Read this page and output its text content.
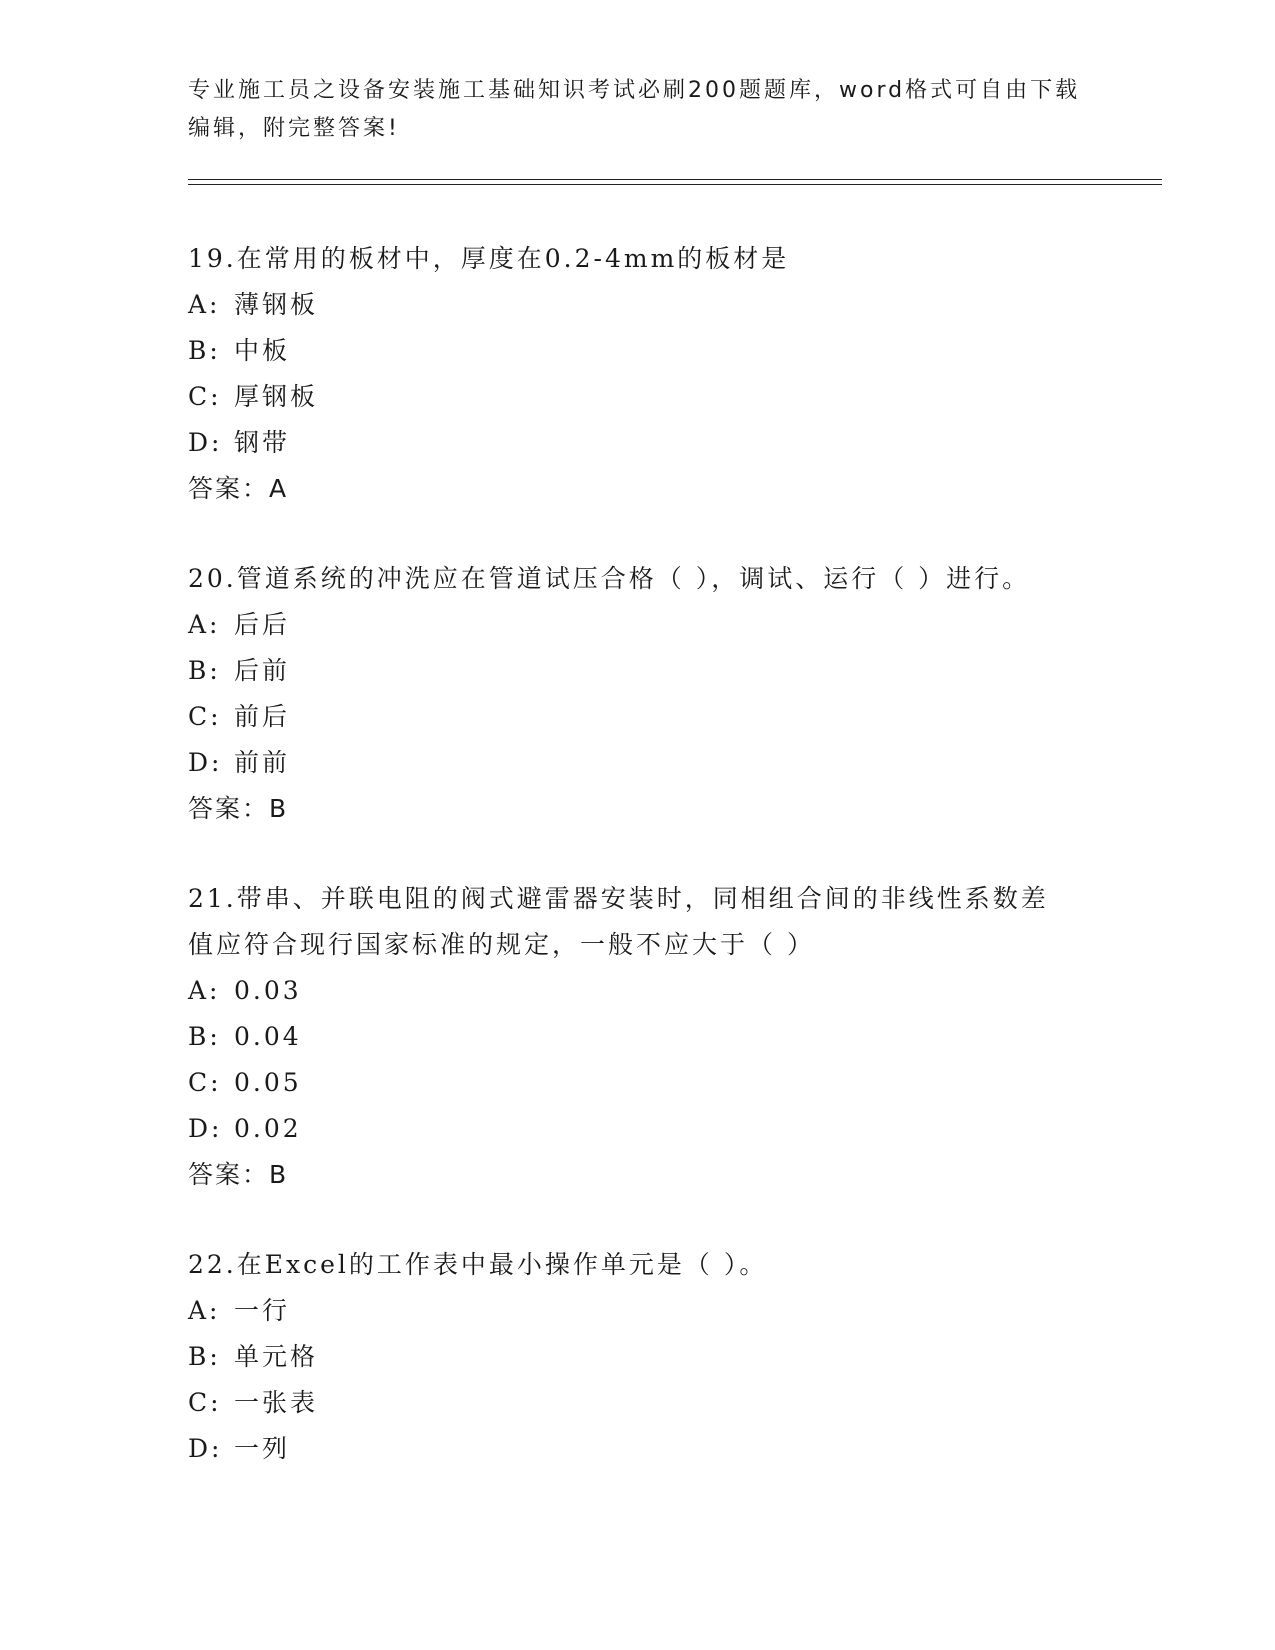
专业施工员之设备安装施工基础知识考试必刷200题题库，word格式可自由下载
编辑，附完整答案!
19.在常用的板材中，厚度在0.2-4mm的板材是
A: 薄钢板
B: 中板
C: 厚钢板
D: 钢带
答案：A
20.管道系统的冲洗应在管道试压合格（ ），调试、运行（ ）进行。
A: 后后
B: 后前
C: 前后
D: 前前
答案：B
21.带串、并联电阻的阀式避雷器安装时，同相组合间的非线性系数差
值应符合现行国家标准的规定，一般不应大于（ ）
A: 0.03
B: 0.04
C: 0.05
D: 0.02
答案：B
22.在Excel的工作表中最小操作单元是（ ）。
A: 一行
B: 单元格
C: 一张表
D: 一列
